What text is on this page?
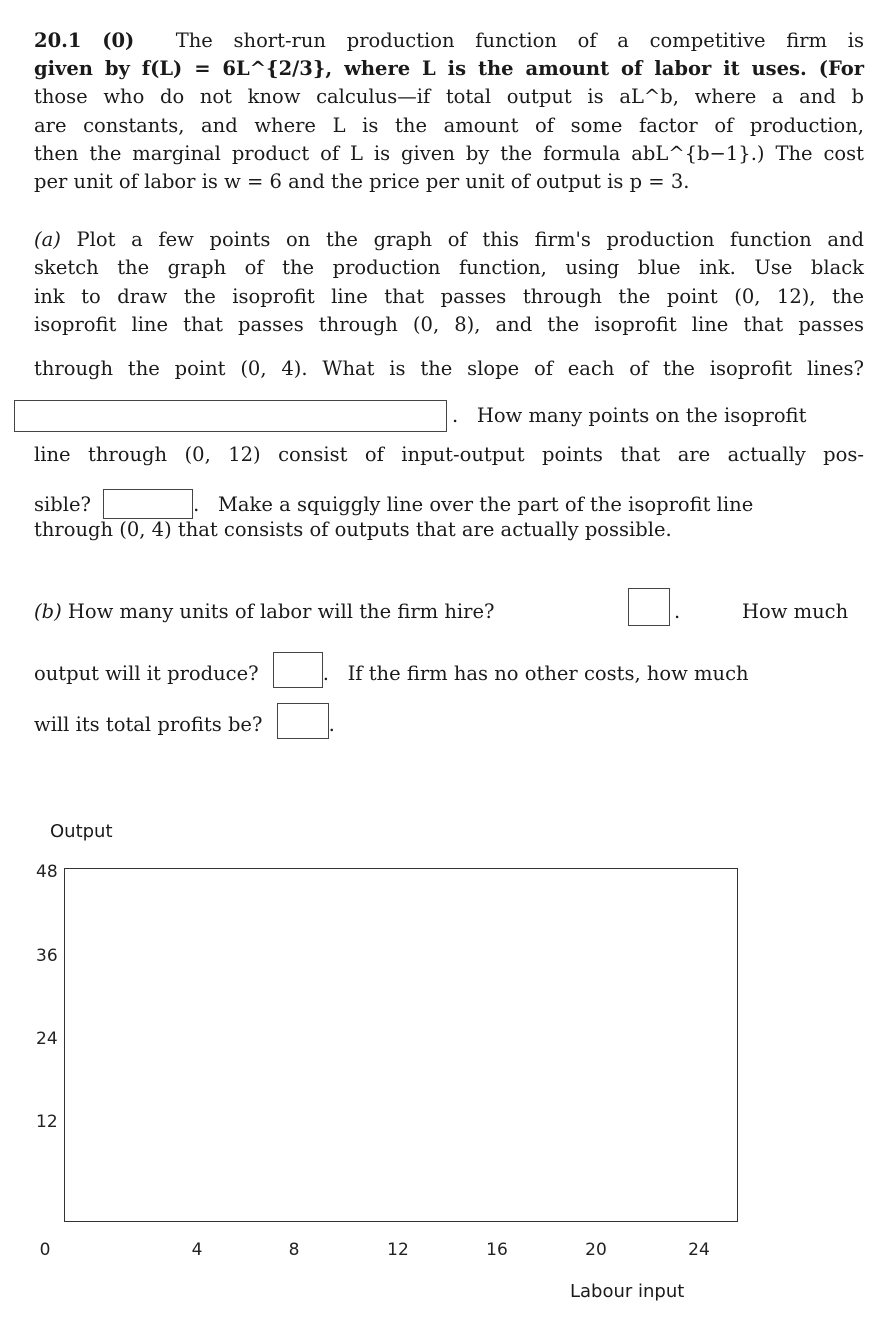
20.1 (0) The short-run production function of a competitive firm is
given by f(L) = 6L^{2/3}, where L is the amount of labor it uses. (For
those who do not know calculus—if total output is aL^b, where a and b
are constants, and where L is the amount of some factor of production,
then the marginal product of L is given by the formula abL^{b−1}.) The cost
per unit of labor is w = 6 and the price per unit of output is p = 3.
(a) Plot a few points on the graph of this firm's production function and
sketch the graph of the production function, using blue ink. Use black
ink to draw the isoprofit line that passes through the point (0, 12), the
isoprofit line that passes through (0, 8), and the isoprofit line that passes
through the point (0, 4). What is the slope of each of the isoprofit lines?
. How many points on the isoprofit
line through (0, 12) consist of input-output points that are actually pos-
sible?	.   Make a squiggly line over the part of the isoprofit line
through (0, 4) that consists of outputs that are actually possible.
(b) How many units of labor will the firm hire?	.	How much
output will it produce?	.   If the firm has no other costs, how much
will its total profits be?	.
Output
48
36
24
12
0	4	8	12	16	20	24
Labour input
